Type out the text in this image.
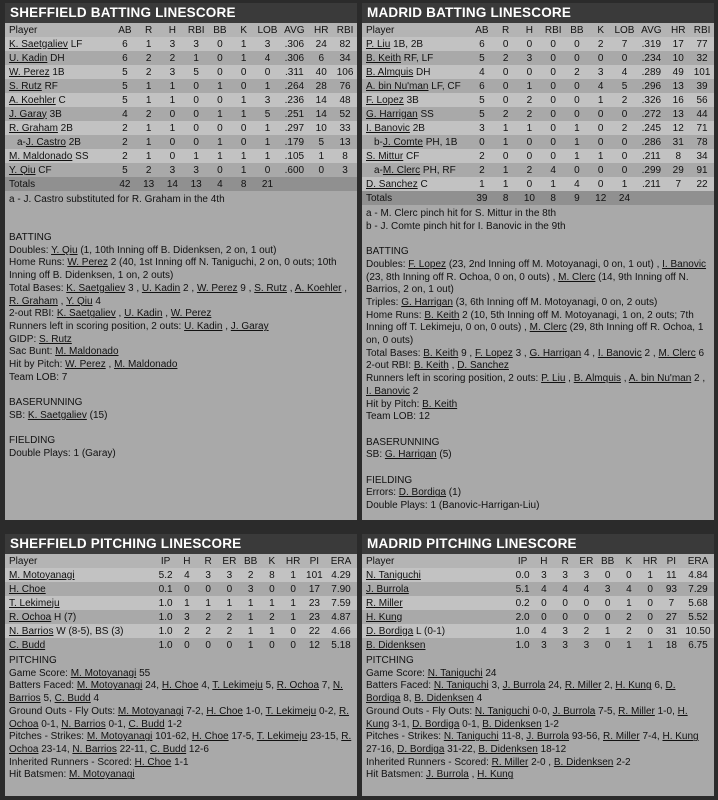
SHEFFIELD BATTING LINESCORE
Player	AB	R	H	RBI	BB	K	LOB	AVG	HR	RBI
K. Saetgaliev LF	6	1	3	3	0	1	3	.306	24	82
U. Kadin DH	6	2	2	1	0	1	4	.306	6	34
W. Perez 1B	5	2	3	5	0	0	0	.311	40	106
S. Rutz RF	5	1	1	0	1	0	1	.264	28	76
A. Koehler C	5	1	1	0	0	1	3	.236	14	48
J. Garay 3B	4	2	0	0	1	1	5	.251	14	52
R. Graham 2B	2	1	1	0	0	0	1	.297	10	33
a-J. Castro 2B	2	1	0	0	1	0	1	.179	5	13
M. Maldonado SS	2	1	0	1	1	1	1	.105	1	8
Y. Qiu CF	5	2	3	3	0	1	0	.600	0	3
Totals	42	13	14	13	4	8	21			
a - J. Castro substituted for R. Graham in the 4th
BATTING
Doubles: Y. Qiu (1, 10th Inning off B. Didenksen, 2 on, 1 out)
Home Runs: W. Perez 2 (40, 1st Inning off N. Taniguchi, 2 on, 0 outs; 10th Inning off B. Didenksen, 1 on, 2 outs)
Total Bases: K. Saetgaliev 3 , U. Kadin 2 , W. Perez 9 , S. Rutz , A. Koehler , R. Graham , Y. Qiu 4
2-out RBI: K. Saetgaliev , U. Kadin , W. Perez
Runners left in scoring position, 2 outs: U. Kadin , J. Garay
GIDP: S. Rutz
Sac Bunt: M. Maldonado
Hit by Pitch: W. Perez , M. Maldonado
Team LOB: 7
BASERUNNING
SB: K. Saetgaliev (15)
FIELDING
Double Plays: 1 (Garay)
MADRID BATTING LINESCORE
Player	AB	R	H	RBI	BB	K	LOB	AVG	HR	RBI
P. Liu 1B, 2B	6	0	0	0	0	2	7	.319	17	77
B. Keith RF, LF	5	2	3	0	0	0	0	.234	10	32
B. Almquis DH	4	0	0	0	2	3	4	.289	49	101
A. bin Nu'man LF, CF	6	0	1	0	0	4	5	.296	13	39
F. Lopez 3B	5	0	2	0	0	1	2	.326	16	56
G. Harrigan SS	5	2	2	0	0	0	0	.272	13	44
I. Banovic 2B	3	1	1	0	1	0	2	.245	12	71
b-J. Comte PH, 1B	0	1	0	0	1	0	0	.286	31	78
S. Mittur CF	2	0	0	0	1	1	0	.211	8	34
a-M. Clerc PH, RF	2	1	2	4	0	0	0	.299	29	91
D. Sanchez C	1	1	0	1	4	0	1	.211	7	22
Totals	39	8	10	8	9	12	24			
a - M. Clerc pinch hit for S. Mittur in the 8th
b - J. Comte pinch hit for I. Banovic in the 9th
BATTING
Doubles: F. Lopez (23, 2nd Inning off M. Motoyanagi, 0 on, 1 out) , I. Banovic (23, 8th Inning off R. Ochoa, 0 on, 0 outs) , M. Clerc (14, 9th Inning off N. Barrios, 2 on, 1 out)
Triples: G. Harrigan (3, 6th Inning off M. Motoyanagi, 0 on, 2 outs)
Home Runs: B. Keith 2 (10, 5th Inning off M. Motoyanagi, 1 on, 2 outs; 7th Inning off T. Lekimeju, 0 on, 0 outs) , M. Clerc (29, 8th Inning off R. Ochoa, 1 on, 0 outs)
Total Bases: B. Keith 9 , F. Lopez 3 , G. Harrigan 4 , I. Banovic 2 , M. Clerc 6
2-out RBI: B. Keith , D. Sanchez
Runners left in scoring position, 2 outs: P. Liu , B. Almquis , A. bin Nu'man 2 , I. Banovic 2
Hit by Pitch: B. Keith
Team LOB: 12
BASERUNNING
SB: G. Harrigan (5)
FIELDING
Errors: D. Bordiga (1)
Double Plays: 1 (Banovic-Harrigan-Liu)
SHEFFIELD PITCHING LINESCORE
Player	IP	H	R	ER	BB	K	HR	PI	ERA
M. Motoyanagi	5.2	4	3	3	2	8	1	101	4.29
H. Choe	0.1	0	0	0	3	0	0	17	7.90
T. Lekimeju	1.0	1	1	1	1	1	1	23	7.59
R. Ochoa H (7)	1.0	3	2	2	1	2	1	23	4.87
N. Barrios W (8-5), BS (3)	1.0	2	2	2	1	1	0	22	4.66
C. Budd	1.0	0	0	0	1	0	0	12	5.18
PITCHING
Game Score: M. Motoyanagi 55
Batters Faced: M. Motoyanagi 24, H. Choe 4, T. Lekimeju 5, R. Ochoa 7, N. Barrios 5, C. Budd 4
Ground Outs - Fly Outs: M. Motoyanagi 7-2, H. Choe 1-0, T. Lekimeju 0-2, R. Ochoa 0-1, N. Barrios 0-1, C. Budd 1-2
Pitches - Strikes: M. Motoyanagi 101-62, H. Choe 17-5, T. Lekimeju 23-15, R. Ochoa 23-14, N. Barrios 22-11, C. Budd 12-6
Inherited Runners - Scored: H. Choe 1-1
Hit Batsmen: M. Motoyanagi
MADRID PITCHING LINESCORE
Player	IP	H	R	ER	BB	K	HR	PI	ERA
N. Taniguchi	0.0	3	3	3	0	0	1	11	4.84
J. Burrola	5.1	4	4	4	3	4	0	93	7.29
R. Miller	0.2	0	0	0	0	1	0	7	5.68
H. Kung	2.0	0	0	0	0	2	0	27	5.52
D. Bordiga L (0-1)	1.0	4	3	2	1	2	0	31	10.50
B. Didenksen	1.0	3	3	3	0	1	1	18	6.75
PITCHING
Game Score: N. Taniguchi 24
Batters Faced: N. Taniguchi 3, J. Burrola 24, R. Miller 2, H. Kung 6, D. Bordiga 8, B. Didenksen 4
Ground Outs - Fly Outs: N. Taniguchi 0-0, J. Burrola 7-5, R. Miller 1-0, H. Kung 3-1, D. Bordiga 0-1, B. Didenksen 1-2
Pitches - Strikes: N. Taniguchi 11-8, J. Burrola 93-56, R. Miller 7-4, H. Kung 27-16, D. Bordiga 31-22, B. Didenksen 18-12
Inherited Runners - Scored: R. Miller 2-0 , B. Didenksen 2-2
Hit Batsmen: J. Burrola , H. Kung
